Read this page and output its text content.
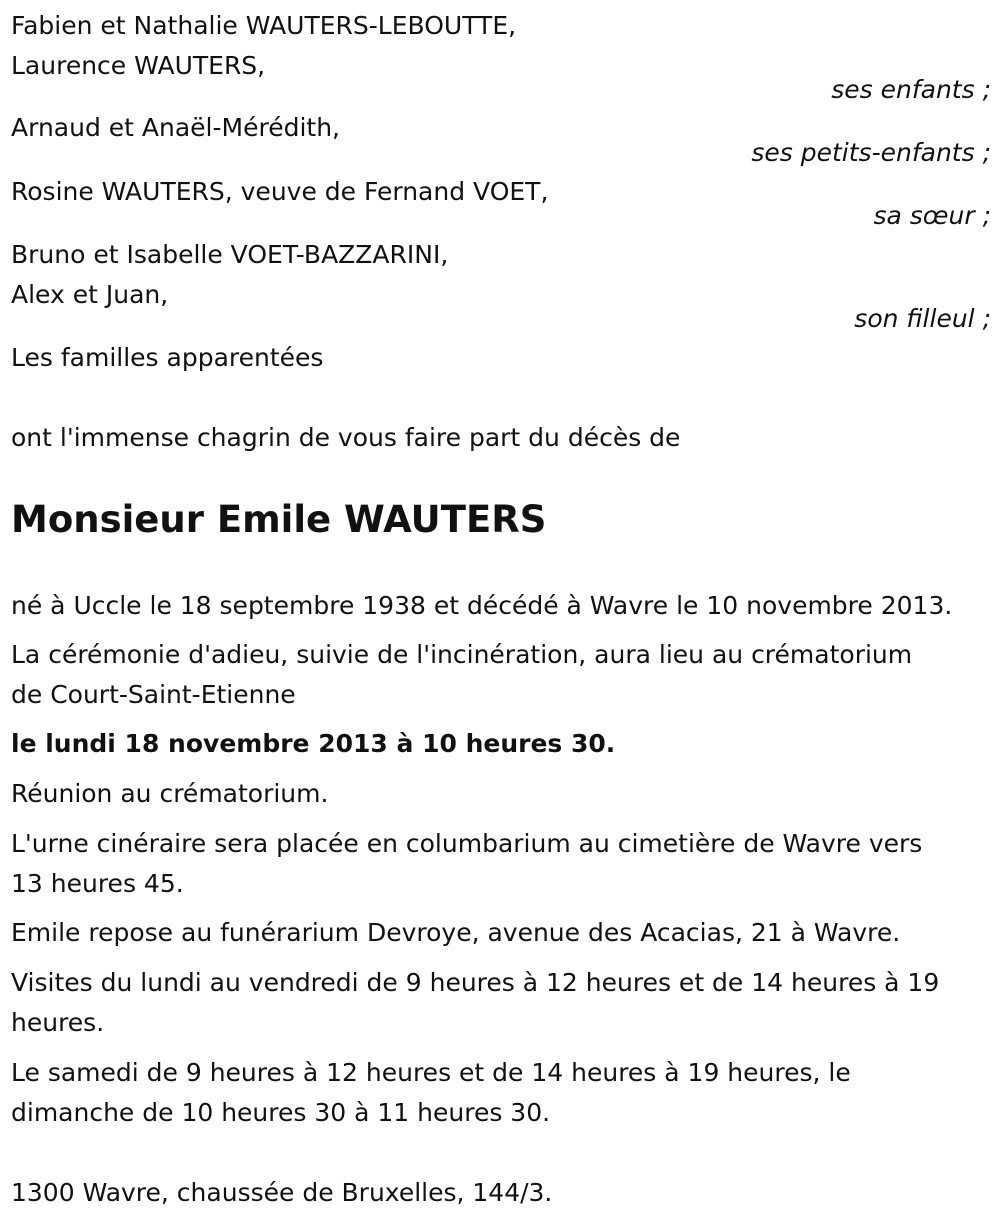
Fabien et Nathalie WAUTERS-LEBOUTTE,
Laurence WAUTERS,
ses enfants ;
Arnaud et Anaël-Mérédith,
ses petits-enfants ;
Rosine WAUTERS, veuve de Fernand VOET,
sa sœur ;
Bruno et Isabelle VOET-BAZZARINI,
Alex et Juan,
son filleul ;
Les familles apparentées
ont l'immense chagrin de vous faire part du décès de
Monsieur Emile WAUTERS
né à Uccle le 18 septembre 1938 et décédé à Wavre le 10 novembre 2013.
La cérémonie d'adieu, suivie de l'incinération, aura lieu au crématorium
de Court-Saint-Etienne
le lundi 18 novembre 2013 à 10 heures 30.
Réunion au crématorium.
L'urne cinéraire sera placée en columbarium au cimetière de Wavre vers
13 heures 45.
Emile repose au funérarium Devroye, avenue des Acacias, 21 à Wavre.
Visites du lundi au vendredi de 9 heures à 12 heures et de 14 heures à 19
heures.
Le samedi de 9 heures à 12 heures et de 14 heures à 19 heures, le
dimanche de 10 heures 30 à 11 heures 30.
1300 Wavre, chaussée de Bruxelles, 144/3.
